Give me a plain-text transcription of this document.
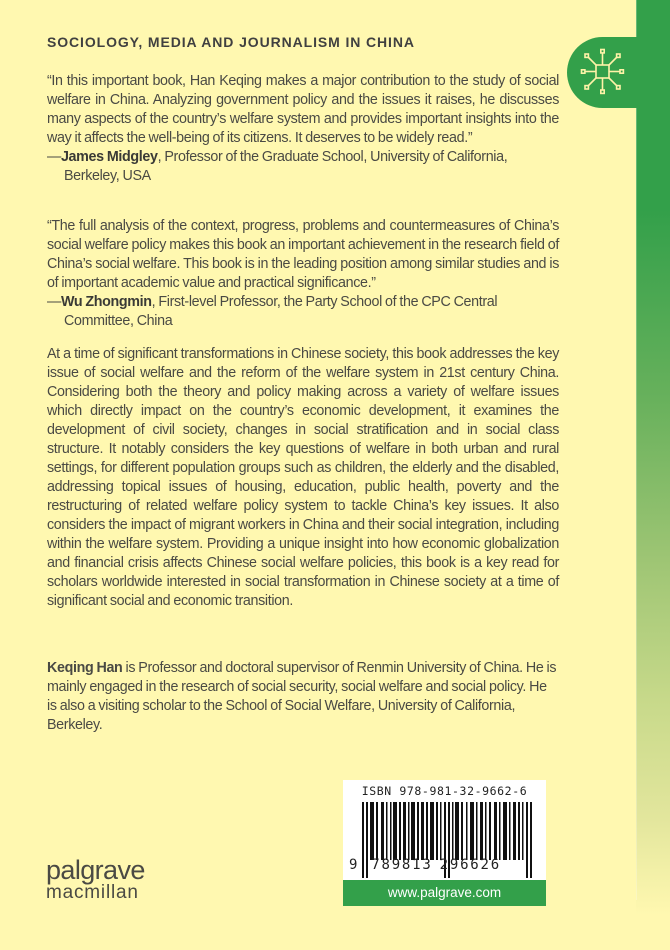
SOCIOLOGY, MEDIA AND JOURNALISM IN CHINA

“In this important book, Han Keqing makes a major contribution to the study of social welfare in China. Analyzing government policy and the issues it raises, he discusses many aspects of the country’s welfare system and provides important insights into the way it affects the well-being of its citizens. It deserves to be widely read.”

—James Midgley, Professor of the Graduate School, University of California, Berkeley, USA

“The full analysis of the context, progress, problems and countermeasures of China’s social welfare policy makes this book an important achievement in the research field of China’s social welfare. This book is in the leading position among similar studies and is of important academic value and practical significance.”

—Wu Zhongmin, First-level Professor, the Party School of the CPC Central Committee, China

At a time of significant transformations in Chinese society, this book addresses the key issue of social welfare and the reform of the welfare system in 21st century China. Considering both the theory and policy making across a variety of welfare issues which directly impact on the country’s economic development, it examines the development of civil society, changes in social stratification and in social class structure. It notably considers the key questions of welfare in both urban and rural settings, for different population groups such as children, the elderly and the disabled, addressing topical issues of housing, education, public health, poverty and the restructuring of related welfare policy system to tackle China’s key issues. It also considers the impact of migrant workers in China and their social integration, including within the welfare system. Providing a unique insight into how economic globalization and financial crisis affects Chinese social welfare policies, this book is a key read for scholars worldwide interested in social transformation in Chinese society at a time of significant social and economic transition.

Keqing Han is Professor and doctoral supervisor of Renmin University of China. He is mainly engaged in the research of social security, social welfare and social policy. He is also a visiting scholar to the School of Social Welfare, University of California, Berkeley.

ISBN 978-981-32-9662-6
9 789813 296626
www.palgrave.com
palgrave
macmillan
